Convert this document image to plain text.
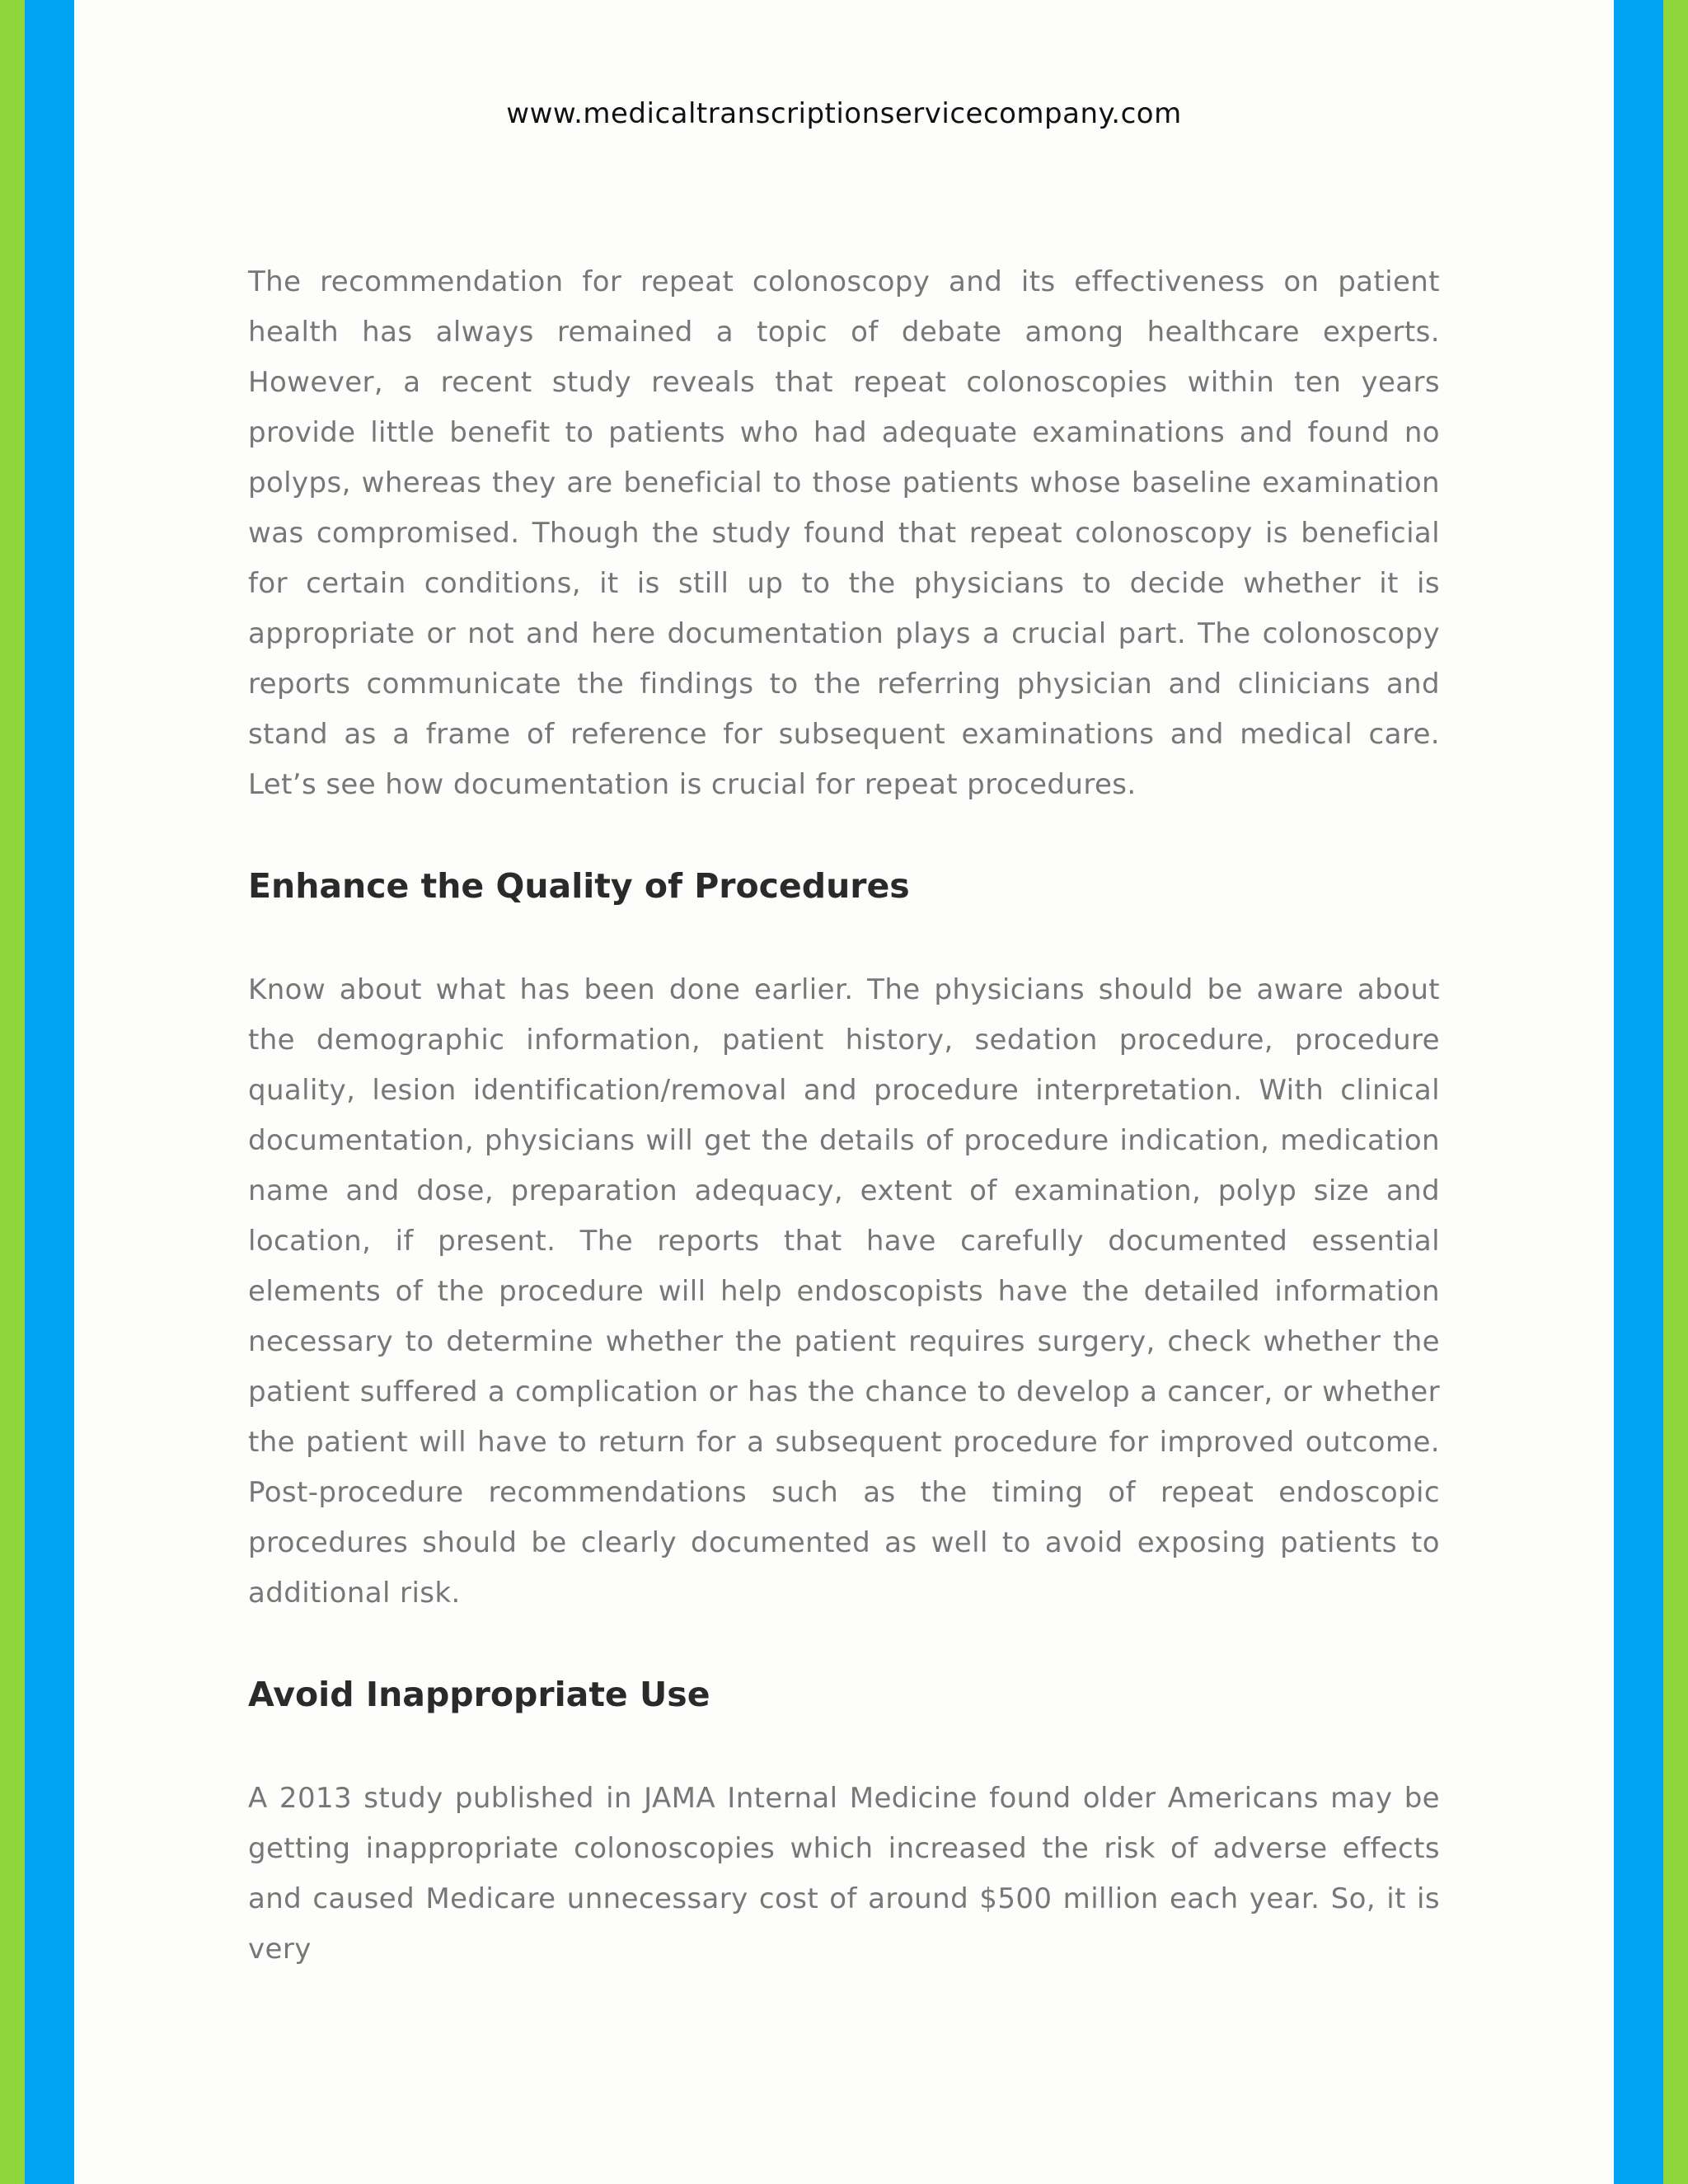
www.medicaltranscriptionservicecompany.com

The recommendation for repeat colonoscopy and its effectiveness on patient health has always remained a topic of debate among healthcare experts. However, a recent study reveals that repeat colonoscopies within ten years provide little benefit to patients who had adequate examinations and found no polyps, whereas they are beneficial to those patients whose baseline examination was compromised. Though the study found that repeat colonoscopy is beneficial for certain conditions, it is still up to the physicians to decide whether it is appropriate or not and here documentation plays a crucial part. The colonoscopy reports communicate the findings to the referring physician and clinicians and stand as a frame of reference for subsequent examinations and medical care. Let’s see how documentation is crucial for repeat procedures.

Enhance the Quality of Procedures

Know about what has been done earlier. The physicians should be aware about the demographic information, patient history, sedation procedure, procedure quality, lesion identification/removal and procedure interpretation. With clinical documentation, physicians will get the details of procedure indication, medication name and dose, preparation adequacy, extent of examination, polyp size and location, if present. The reports that have carefully documented essential elements of the procedure will help endoscopists have the detailed information necessary to determine whether the patient requires surgery, check whether the patient suffered a complication or has the chance to develop a cancer, or whether the patient will have to return for a subsequent procedure for improved outcome. Post-procedure recommendations such as the timing of repeat endoscopic procedures should be clearly documented as well to avoid exposing patients to additional risk.

Avoid Inappropriate Use

A 2013 study published in JAMA Internal Medicine found older Americans may be getting inappropriate colonoscopies which increased the risk of adverse effects and caused Medicare unnecessary cost of around $500 million each year. So, it is very
